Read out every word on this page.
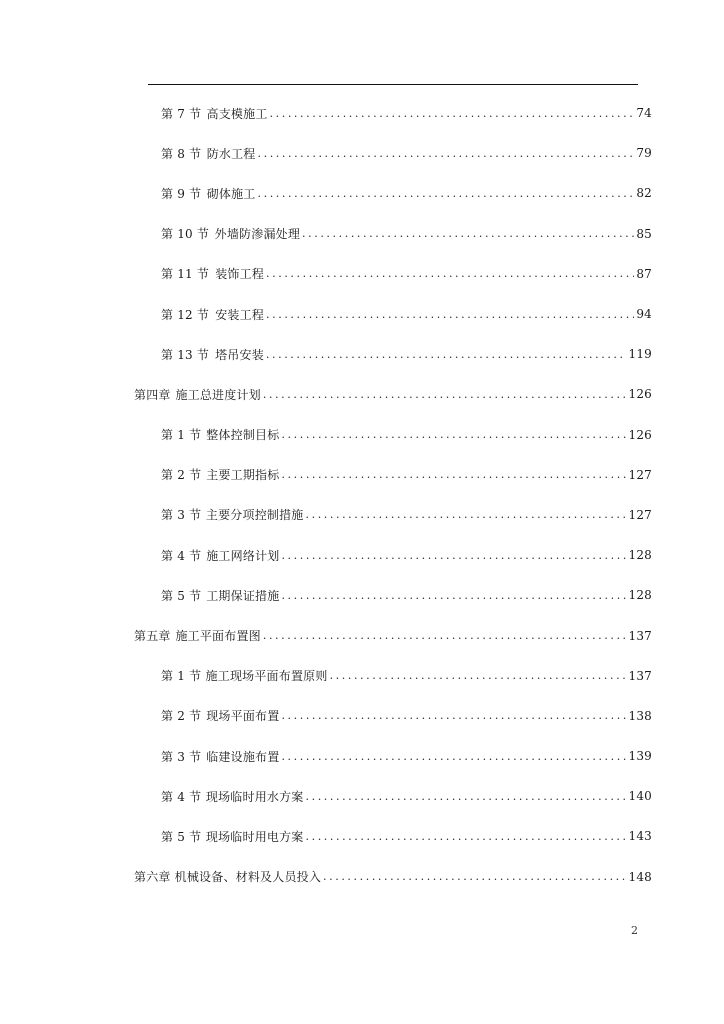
第 7 节 高支模施工 .....	74
第 8 节 防水工程 .....	79
第 9 节 砌体施工 .....	82
第 10 节 外墙防渗漏处理 .....	85
第 11 节 装饰工程 .....	87
第 12 节 安装工程 .....	94
第 13 节 塔吊安装 .....	119
第四章 施工总进度计划 .....	126
第 1 节 整体控制目标 .....	126
第 2 节 主要工期指标 .....	127
第 3 节 主要分项控制措施 .....	127
第 4 节 施工网络计划 .....	128
第 5 节 工期保证措施 .....	128
第五章 施工平面布置图 .....	137
第 1 节 施工现场平面布置原则 .....	137
第 2 节 现场平面布置 .....	138
第 3 节 临建设施布置 .....	139
第 4 节 现场临时用水方案 .....	140
第 5 节 现场临时用电方案 .....	143
第六章 机械设备、材料及人员投入 .....	148
2
